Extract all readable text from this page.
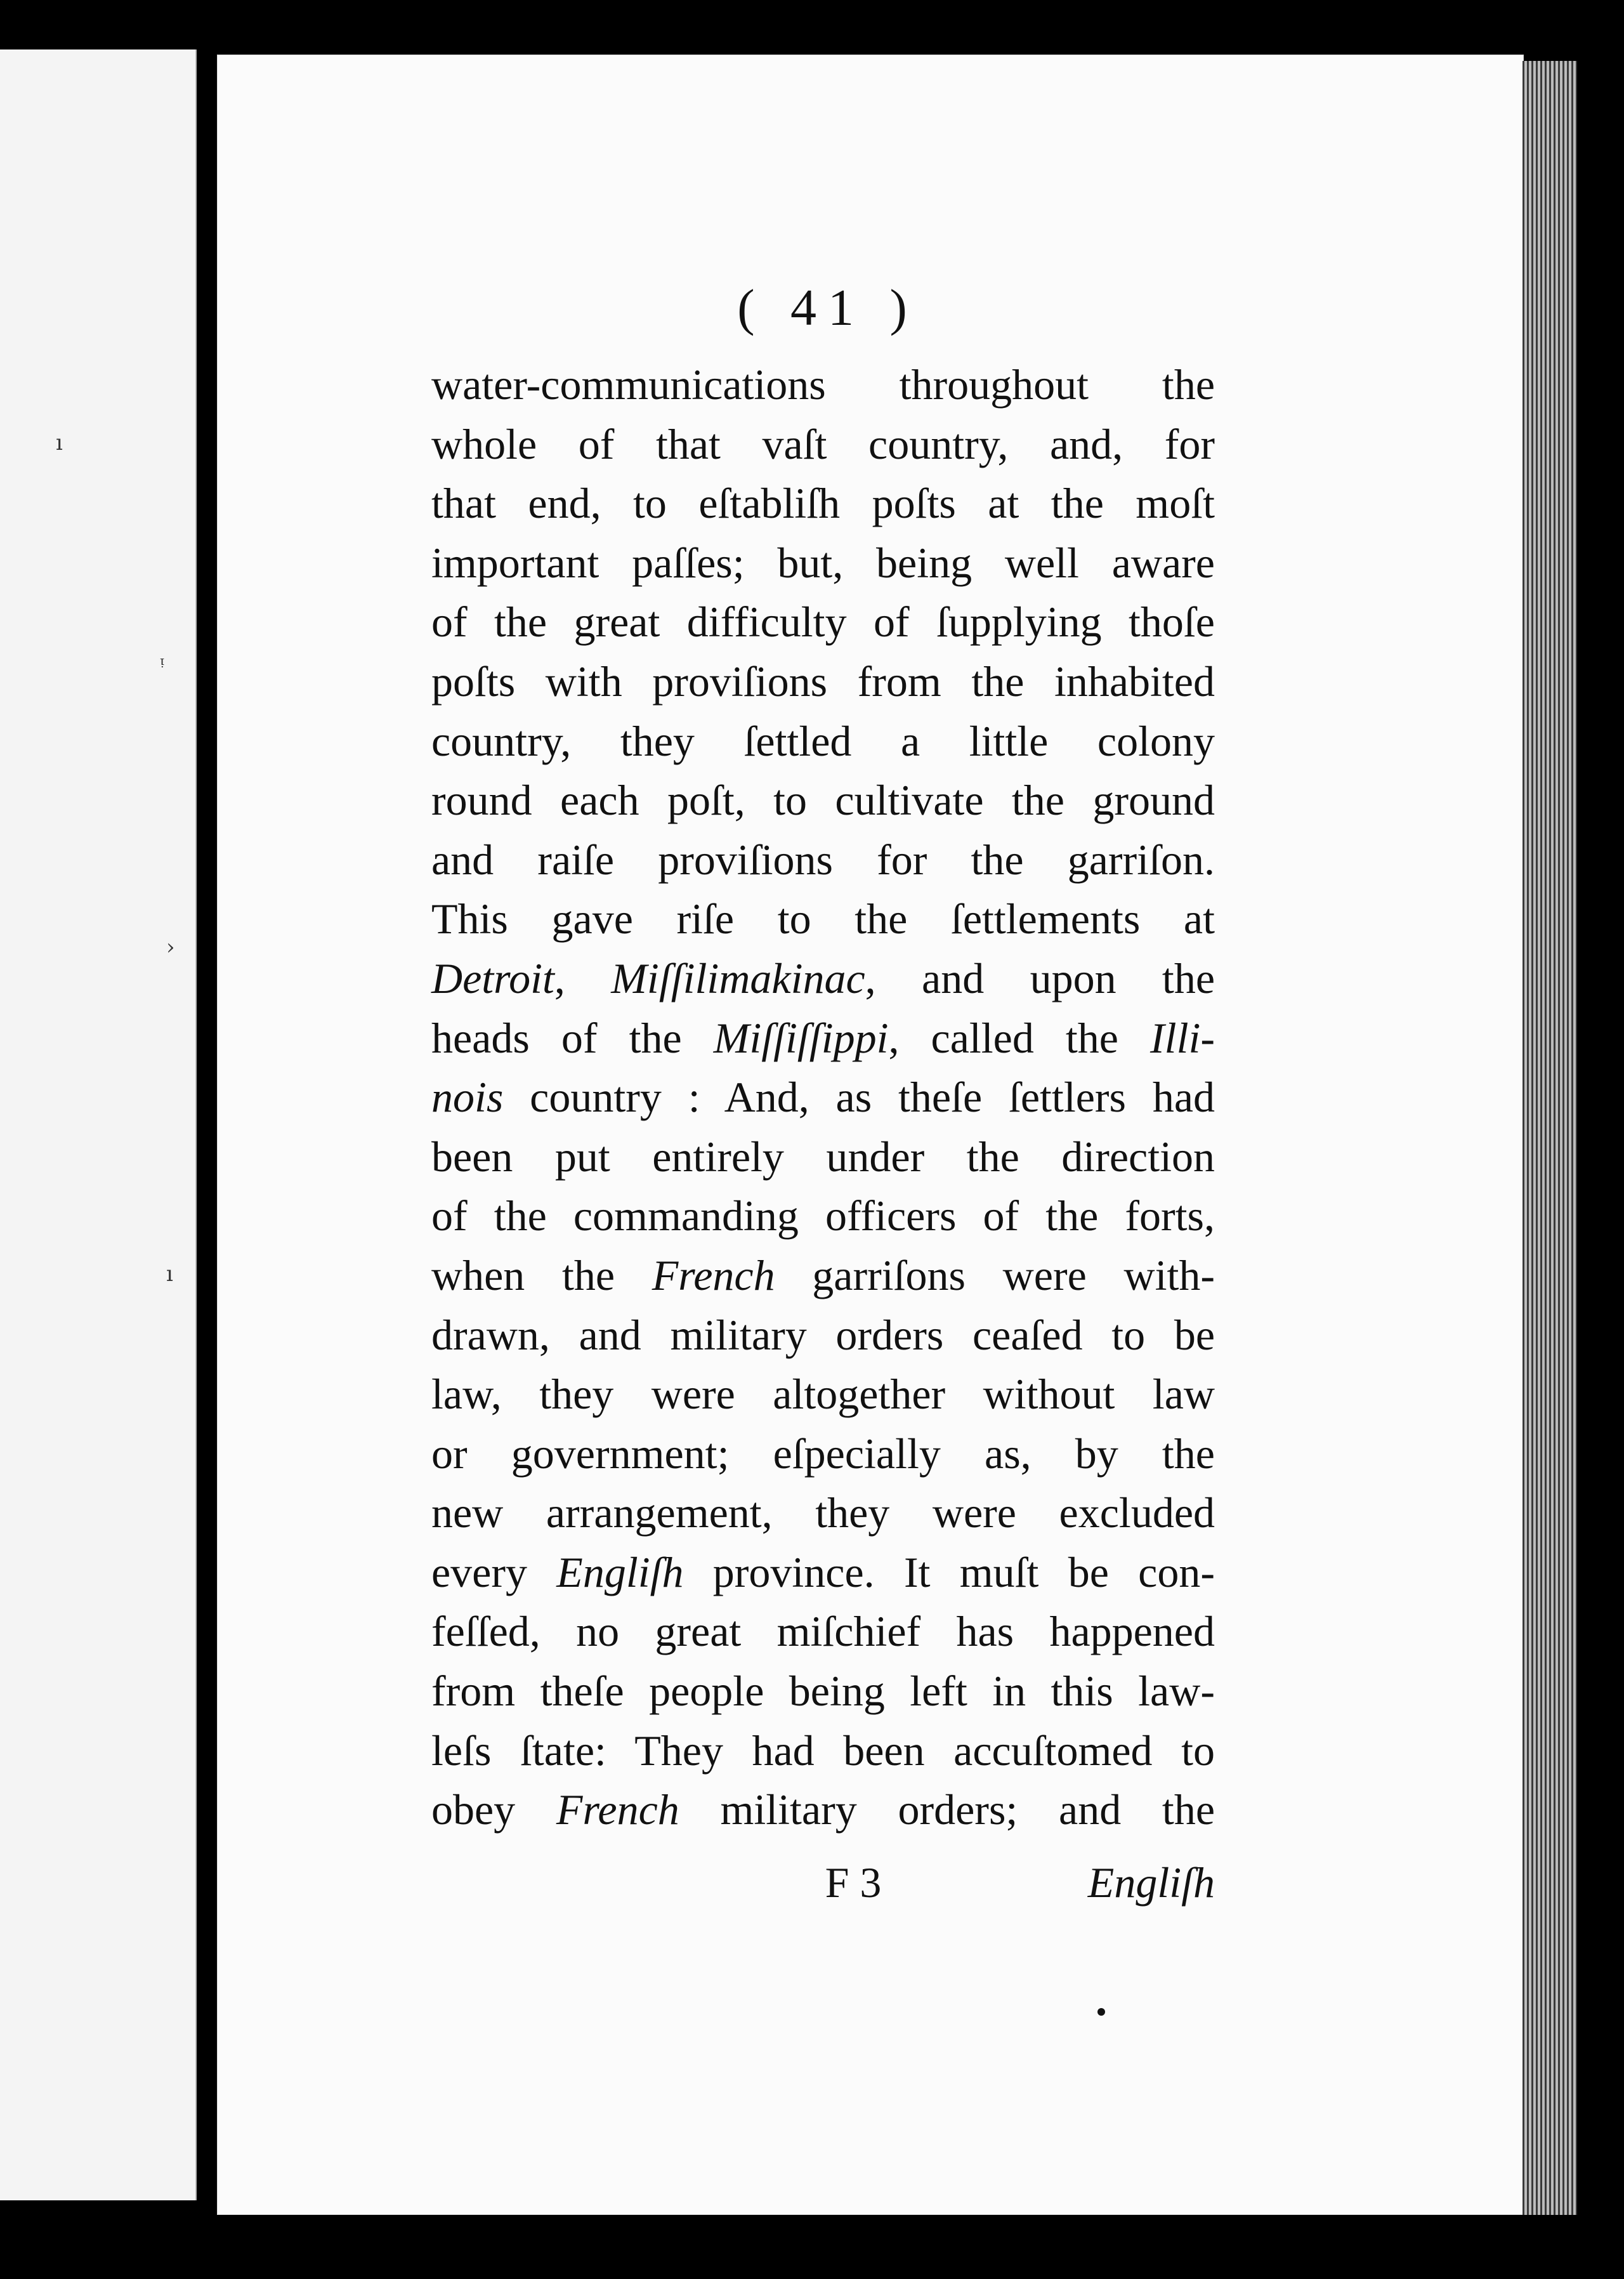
ı
ᵎ
›
ı
( 41 )
water-communications throughout the
whole of that vaſt country, and, for
that end, to eſtabliſh poſts at the moſt
important paſſes; but, being well aware
of the great difficulty of ſupplying thoſe
poſts with proviſions from the inhabited
country, they ſettled a little colony
round each poſt, to cultivate the ground
and raiſe proviſions for the garriſon.
This gave riſe to the ſettlements at
Detroit, Miſſilimakinac, and upon the
heads of the Miſſiſſippi, called the Illi-
nois country : And, as theſe ſettlers had
been put entirely under the direction
of the commanding officers of the forts,
when the French garriſons were with-
drawn, and military orders ceaſed to be
law, they were altogether without law
or government; eſpecially as, by the
new arrangement, they were excluded
every Engliſh province. It muſt be con-
feſſed, no great miſchief has happened
from theſe people being left in this law-
leſs ſtate: They had been accuſtomed to
obey French military orders; and the
F 3	Engliſh
